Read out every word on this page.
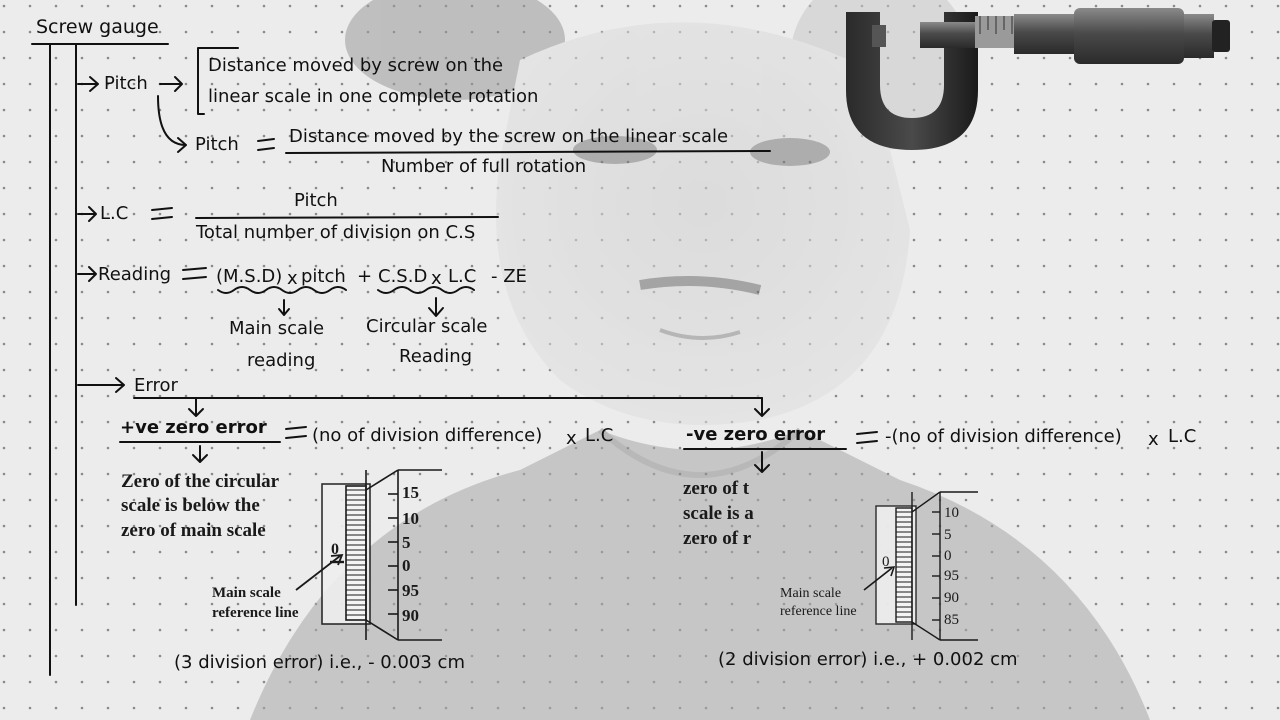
Screw gauge
Pitch
Distance moved by screw on the
linear scale in one complete rotation
Pitch	Distance moved by the screw on the linear scale
Number of full rotation
L.C
Pitch
Total number of division on C.S
Reading (M.S.D) x pitch + C.S.D x L.C - ZE
Main scale
reading
Circular scale
Reading
Error
+ve zero error	(no of division difference) x L.C
Zero of the circular
scale is below the
zero of main scale
15
10
5
0
95
90
0
Main scale
reference line
(3 division error) i.e., - 0.003 cm
-ve zero error	-(no of division difference) x L.C
zero of t
scale is a
zero of r
10
5
0
95
90
85
0
Main scale
reference line
(2 division error) i.e., + 0.002 cm
